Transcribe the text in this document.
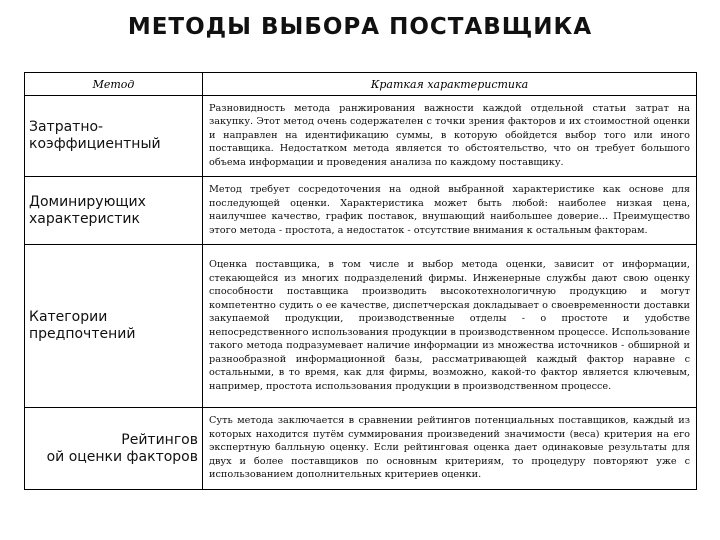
МЕТОДЫ ВЫБОРА ПОСТАВЩИКА
Метод	Краткая характеристика
Затратно-коэффициентный	Разновидность метода ранжирования важности каждой отдельной статьи затрат на закупку. Этот метод очень содержателен с точки зрения факторов и их стоимостной оценки и направлен на идентификацию суммы, в которую обойдется выбор того или иного поставщика. Недостатком метода является то обстоятельство, что он требует большого объема информации и проведения анализа по каждому поставщику.
Доминирующих характеристик	Метод требует сосредоточения на одной выбранной характеристике как основе для последующей оценки. Характеристика может быть любой: наиболее низкая цена, наилучшее качество, график поставок, внушающий наибольшее доверие... Преимущество этого метода - простота, а недостаток - отсутствие внимания к остальным факторам.
Категории предпочтений	Оценка поставщика, в том числе и выбор метода оценки, зависит от информации, стекающейся из многих подразделений фирмы. Инженерные службы дают свою оценку способности поставщика производить высокотехнологичную продукцию и могут компетентно судить о ее качестве, диспетчерская докладывает о своевременности доставки закупаемой продукции, производственные отделы - о простоте и удобстве непосредственного использования продукции в производственном процессе. Использование такого метода подразумевает наличие информации из множества источников - обширной и разнообразной информационной базы, рассматривающей каждый фактор наравне с остальными, в то время, как для фирмы, возможно, какой-то фактор является ключевым, например, простота использования продукции в производственном процессе.

Рейтингов
ой оценки факторов	Суть метода заключается в сравнении рейтингов потенциальных поставщиков, каждый из которых находится путём суммирования произведений значимости (веса) критерия на его экспертную балльную оценку. Если рейтинговая оценка дает одинаковые результаты для двух и более поставщиков по основным критериям, то процедуру повторяют уже с использованием дополнительных критериев оценки.
